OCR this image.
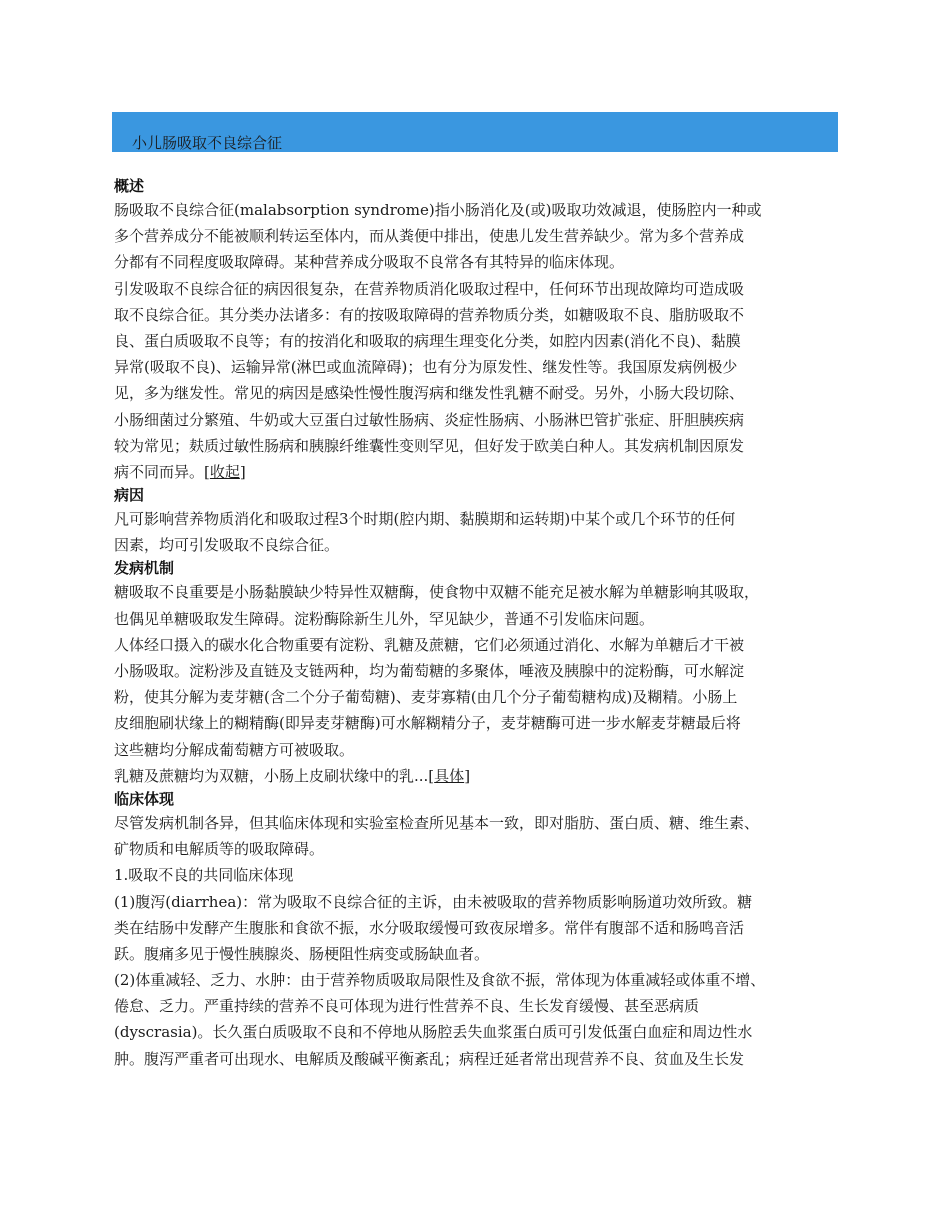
小儿肠吸取不良综合征
概述
肠吸取不良综合征(malabsorption syndrome)指小肠消化及(或)吸取功效减退，使肠腔内一种或
多个营养成分不能被顺利转运至体内，而从粪便中排出，使患儿发生营养缺少。常为多个营养成
分都有不同程度吸取障碍。某种营养成分吸取不良常各有其特异的临床体现。
引发吸取不良综合征的病因很复杂，在营养物质消化吸取过程中，任何环节出现故障均可造成吸
取不良综合征。其分类办法诸多：有的按吸取障碍的营养物质分类，如糖吸取不良、脂肪吸取不
良、蛋白质吸取不良等；有的按消化和吸取的病理生理变化分类，如腔内因素(消化不良)、黏膜
异常(吸取不良)、运输异常(淋巴或血流障碍)；也有分为原发性、继发性等。我国原发病例极少
见，多为继发性。常见的病因是感染性慢性腹泻病和继发性乳糖不耐受。另外，小肠大段切除、
小肠细菌过分繁殖、牛奶或大豆蛋白过敏性肠病、炎症性肠病、小肠淋巴管扩张症、肝胆胰疾病
较为常见；麸质过敏性肠病和胰腺纤维囊性变则罕见，但好发于欧美白种人。其发病机制因原发
病不同而异。[收起]
病因
凡可影响营养物质消化和吸取过程3个时期(腔内期、黏膜期和运转期)中某个或几个环节的任何
因素，均可引发吸取不良综合征。
发病机制
糖吸取不良重要是小肠黏膜缺少特异性双糖酶，使食物中双糖不能充足被水解为单糖影响其吸取，
也偶见单糖吸取发生障碍。淀粉酶除新生儿外，罕见缺少，普通不引发临床问题。
人体经口摄入的碳水化合物重要有淀粉、乳糖及蔗糖，它们必须通过消化、水解为单糖后才干被
小肠吸取。淀粉涉及直链及支链两种，均为葡萄糖的多聚体，唾液及胰腺中的淀粉酶，可水解淀
粉，使其分解为麦芽糖(含二个分子葡萄糖)、麦芽寡精(由几个分子葡萄糖构成)及糊精。小肠上
皮细胞刷状缘上的糊精酶(即异麦芽糖酶)可水解糊精分子，麦芽糖酶可进一步水解麦芽糖最后将
这些糖均分解成葡萄糖方可被吸取。
乳糖及蔗糖均为双糖，小肠上皮刷状缘中的乳...[具体]
临床体现
尽管发病机制各异，但其临床体现和实验室检查所见基本一致，即对脂肪、蛋白质、糖、维生素、
矿物质和电解质等的吸取障碍。
1.吸取不良的共同临床体现
(1)腹泻(diarrhea)：常为吸取不良综合征的主诉，由未被吸取的营养物质影响肠道功效所致。糖
类在结肠中发酵产生腹胀和食欲不振，水分吸取缓慢可致夜尿增多。常伴有腹部不适和肠鸣音活
跃。腹痛多见于慢性胰腺炎、肠梗阻性病变或肠缺血者。
(2)体重减轻、乏力、水肿：由于营养物质吸取局限性及食欲不振，常体现为体重减轻或体重不增、
倦怠、乏力。严重持续的营养不良可体现为进行性营养不良、生长发育缓慢、甚至恶病质
(dyscrasia)。长久蛋白质吸取不良和不停地从肠腔丢失血浆蛋白质可引发低蛋白血症和周边性水
肿。腹泻严重者可出现水、电解质及酸碱平衡紊乱；病程迁延者常出现营养不良、贫血及生长发
